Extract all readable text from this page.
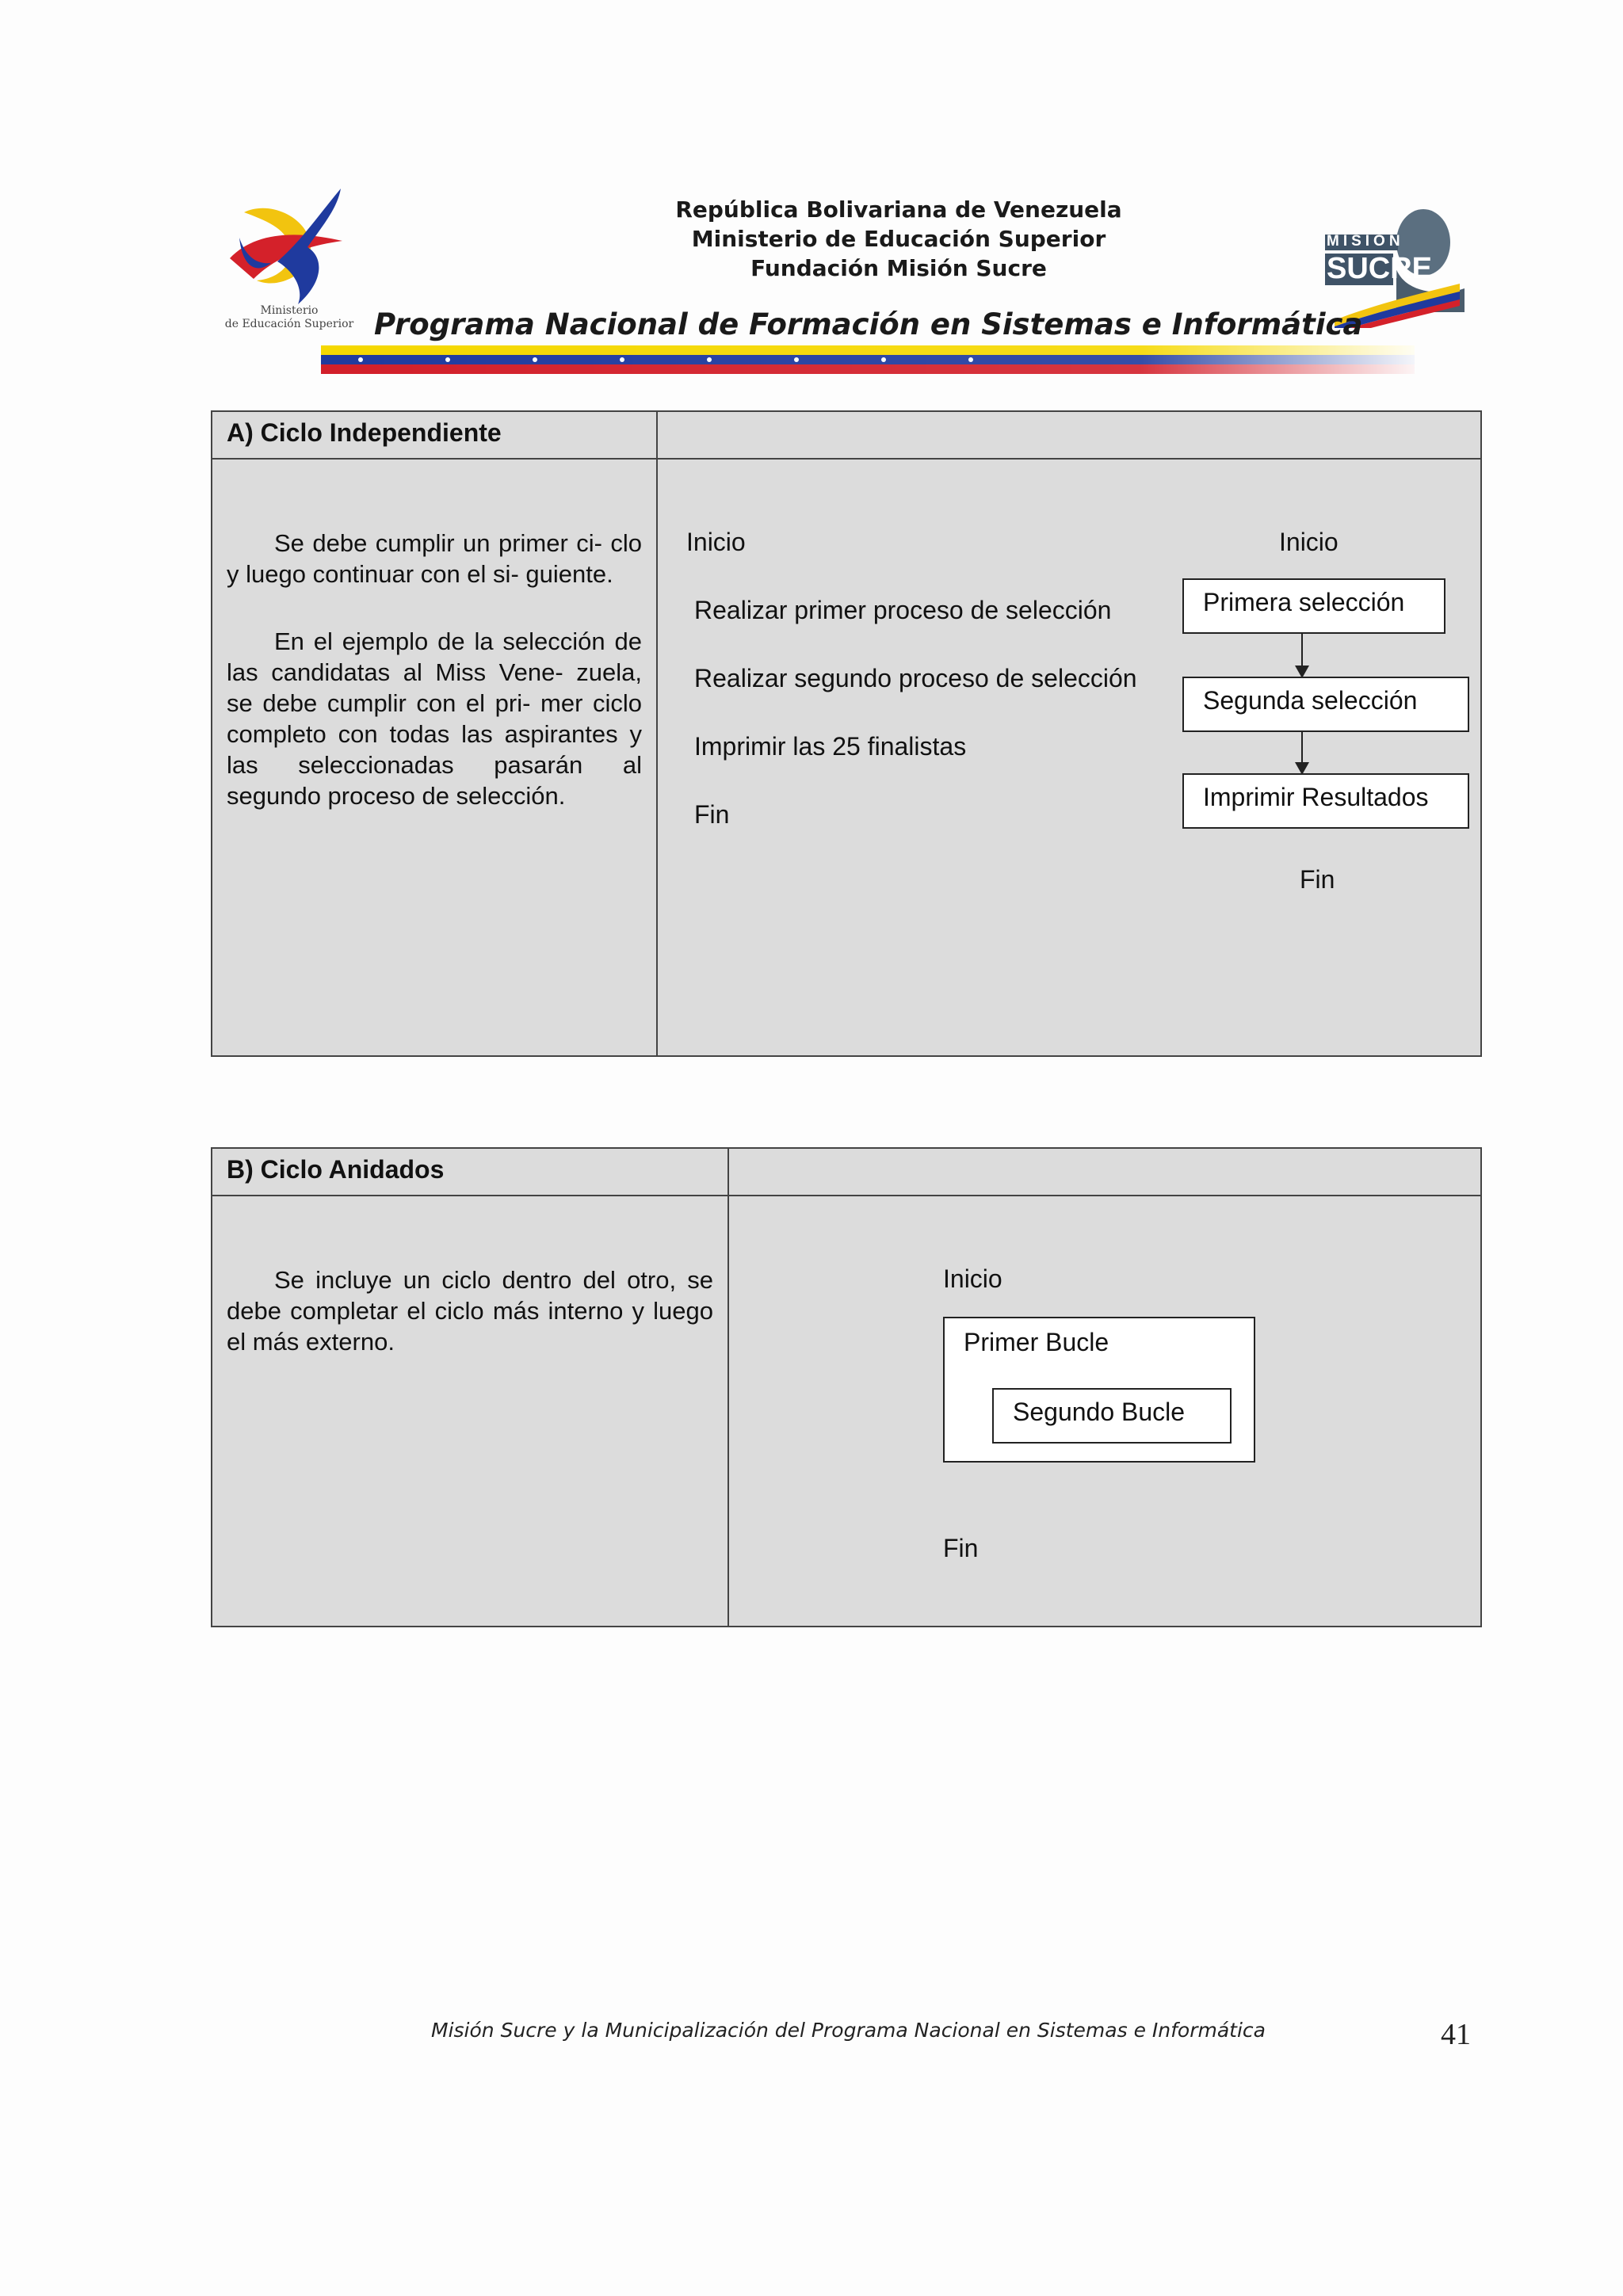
Ministerio
de Educación Superior
República Bolivariana de Venezuela
Ministerio de Educación Superior
Fundación Misión Sucre
MISION
SUCRE
Programa Nacional de Formación en Sistemas e Informática
A) Ciclo Independiente

Se debe cumplir un primer ci- clo y luego continuar con el si- guiente.

En el ejemplo de la selección de las candidatas al Miss Vene- zuela, se debe cumplir con el pri- mer ciclo completo con todas las aspirantes y las seleccionadas pasarán al segundo proceso de selección.

Inicio
Realizar primer proceso de selección
Realizar segundo proceso de selección
Imprimir las 25 finalistas
Fin
Inicio
Primera selección
Segunda selección
Imprimir Resultados
Fin
B) Ciclo Anidados

Se incluye un ciclo dentro del otro, se debe completar el ciclo más interno y luego el más externo.

Inicio
Primer Bucle
Segundo Bucle
Fin
Misión Sucre y la Municipalización del Programa Nacional en Sistemas e Informática	41
